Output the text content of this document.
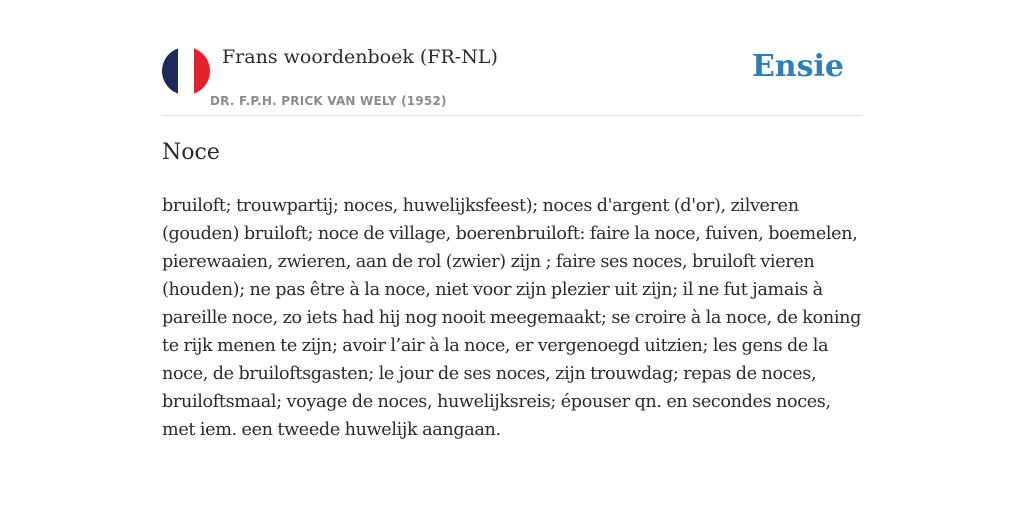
Frans woordenboek (FR-NL)
DR. F.P.H. PRICK VAN WELY (1952)
Ensie
Noce

bruiloft; trouwpartij; noces, huwelijksfeest); noces d'argent (d'or), zilveren (gouden) bruiloft; noce de village, boerenbruiloft: faire la noce, fuiven, boemelen, pierewaaien, zwieren, aan de rol (zwier) zijn ; faire ses noces, bruiloft vieren (houden); ne pas être à la noce, niet voor zijn plezier uit zijn; il ne fut jamais à pareille noce, zo iets had hij nog nooit meegemaakt; se croire à la noce, de koning te rijk menen te zijn; avoir l’air à la noce, er vergenoegd uitzien; les gens de la noce, de bruiloftsgasten; le jour de ses noces, zijn trouwdag; repas de noces, bruiloftsmaal; voyage de noces, huwelijksreis; épouser qn. en secondes noces, met iem. een tweede huwelijk aangaan.
